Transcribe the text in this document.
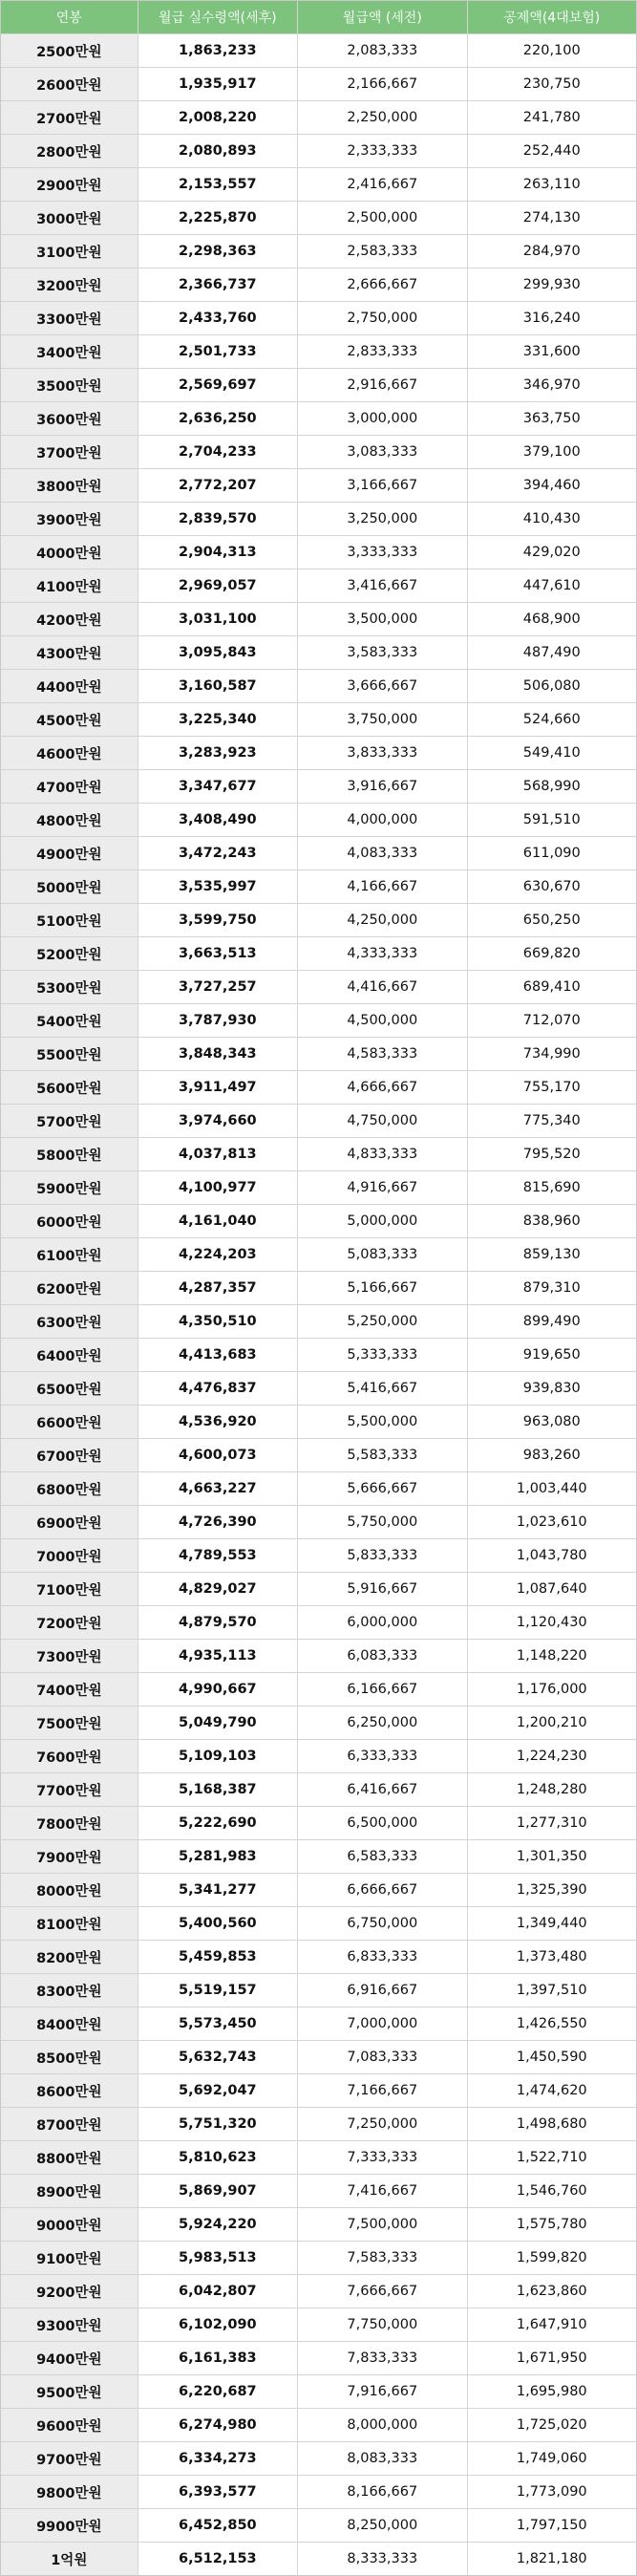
연봉	월급 실수령액(세후)	월급액 (세전)	공제액(4대보험)
2500만원	1,863,233	2,083,333	220,100
2600만원	1,935,917	2,166,667	230,750
2700만원	2,008,220	2,250,000	241,780
2800만원	2,080,893	2,333,333	252,440
2900만원	2,153,557	2,416,667	263,110
3000만원	2,225,870	2,500,000	274,130
3100만원	2,298,363	2,583,333	284,970
3200만원	2,366,737	2,666,667	299,930
3300만원	2,433,760	2,750,000	316,240
3400만원	2,501,733	2,833,333	331,600
3500만원	2,569,697	2,916,667	346,970
3600만원	2,636,250	3,000,000	363,750
3700만원	2,704,233	3,083,333	379,100
3800만원	2,772,207	3,166,667	394,460
3900만원	2,839,570	3,250,000	410,430
4000만원	2,904,313	3,333,333	429,020
4100만원	2,969,057	3,416,667	447,610
4200만원	3,031,100	3,500,000	468,900
4300만원	3,095,843	3,583,333	487,490
4400만원	3,160,587	3,666,667	506,080
4500만원	3,225,340	3,750,000	524,660
4600만원	3,283,923	3,833,333	549,410
4700만원	3,347,677	3,916,667	568,990
4800만원	3,408,490	4,000,000	591,510
4900만원	3,472,243	4,083,333	611,090
5000만원	3,535,997	4,166,667	630,670
5100만원	3,599,750	4,250,000	650,250
5200만원	3,663,513	4,333,333	669,820
5300만원	3,727,257	4,416,667	689,410
5400만원	3,787,930	4,500,000	712,070
5500만원	3,848,343	4,583,333	734,990
5600만원	3,911,497	4,666,667	755,170
5700만원	3,974,660	4,750,000	775,340
5800만원	4,037,813	4,833,333	795,520
5900만원	4,100,977	4,916,667	815,690
6000만원	4,161,040	5,000,000	838,960
6100만원	4,224,203	5,083,333	859,130
6200만원	4,287,357	5,166,667	879,310
6300만원	4,350,510	5,250,000	899,490
6400만원	4,413,683	5,333,333	919,650
6500만원	4,476,837	5,416,667	939,830
6600만원	4,536,920	5,500,000	963,080
6700만원	4,600,073	5,583,333	983,260
6800만원	4,663,227	5,666,667	1,003,440
6900만원	4,726,390	5,750,000	1,023,610
7000만원	4,789,553	5,833,333	1,043,780
7100만원	4,829,027	5,916,667	1,087,640
7200만원	4,879,570	6,000,000	1,120,430
7300만원	4,935,113	6,083,333	1,148,220
7400만원	4,990,667	6,166,667	1,176,000
7500만원	5,049,790	6,250,000	1,200,210
7600만원	5,109,103	6,333,333	1,224,230
7700만원	5,168,387	6,416,667	1,248,280
7800만원	5,222,690	6,500,000	1,277,310
7900만원	5,281,983	6,583,333	1,301,350
8000만원	5,341,277	6,666,667	1,325,390
8100만원	5,400,560	6,750,000	1,349,440
8200만원	5,459,853	6,833,333	1,373,480
8300만원	5,519,157	6,916,667	1,397,510
8400만원	5,573,450	7,000,000	1,426,550
8500만원	5,632,743	7,083,333	1,450,590
8600만원	5,692,047	7,166,667	1,474,620
8700만원	5,751,320	7,250,000	1,498,680
8800만원	5,810,623	7,333,333	1,522,710
8900만원	5,869,907	7,416,667	1,546,760
9000만원	5,924,220	7,500,000	1,575,780
9100만원	5,983,513	7,583,333	1,599,820
9200만원	6,042,807	7,666,667	1,623,860
9300만원	6,102,090	7,750,000	1,647,910
9400만원	6,161,383	7,833,333	1,671,950
9500만원	6,220,687	7,916,667	1,695,980
9600만원	6,274,980	8,000,000	1,725,020
9700만원	6,334,273	8,083,333	1,749,060
9800만원	6,393,577	8,166,667	1,773,090
9900만원	6,452,850	8,250,000	1,797,150
1억원	6,512,153	8,333,333	1,821,180
